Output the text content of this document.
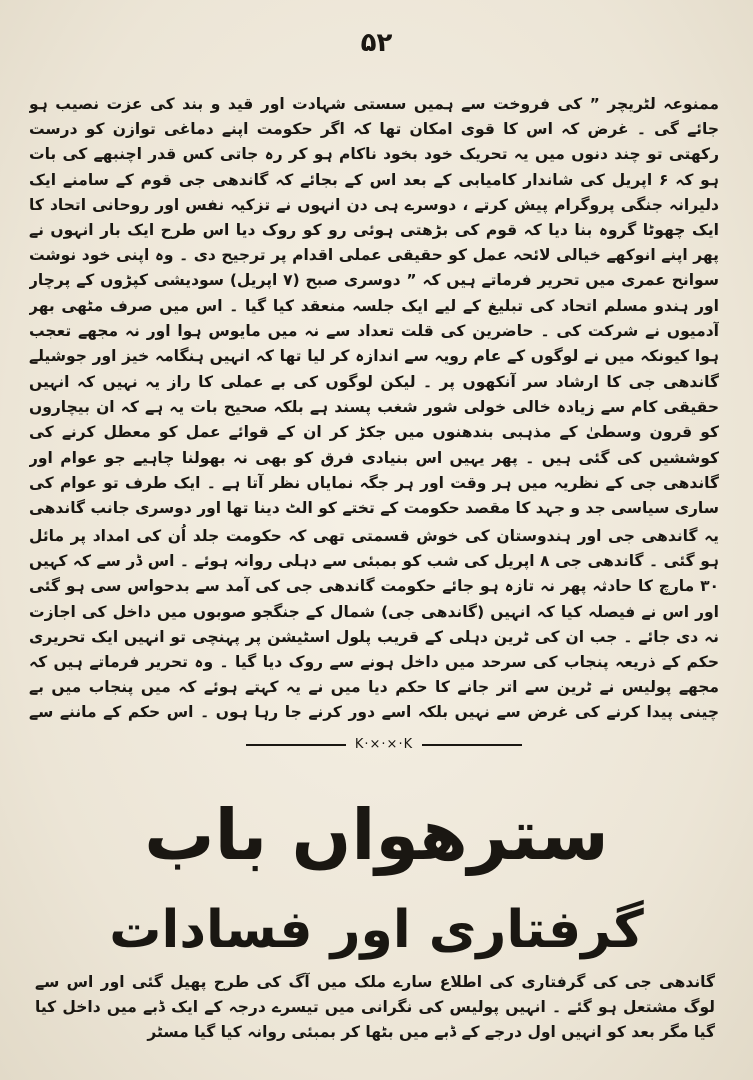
۵۲

ممنوعہ لٹریچر ” کی فروخت سے ہمیں سستی شہادت اور قید و بند کی عزت نصیب ہو جائے گی ۔ غرض کہ اس کا قوی امکان تھا کہ اگر حکومت اپنے دماغی توازن کو درست رکھتی تو چند دنوں میں یہ تحریک خود بخود ناکام ہو کر رہ جاتی کس قدر اچنبھے کی بات ہو کہ ۶ اپریل کی شاندار کامیابی کے بعد اس کے بجائے کہ گاندھی جی قوم کے سامنے ایک دلیرانہ جنگی پروگرام پیش کرتے ، دوسرے ہی دن انہوں نے تزکیہ نفس اور روحانی اتحاد کا ایک چھوٹا گروہ بنا دیا کہ قوم کی بڑھتی ہوئی رو کو روک دیا اس طرح ایک بار انہوں نے پھر اپنے انوکھے خیالی لائحہ عمل کو حقیقی عملی اقدام پر ترجیح دی ۔ وہ اپنی خود نوشت سوانح عمری میں تحریر فرماتے ہیں کہ ” دوسری صبح (۷ اپریل) سودیشی کپڑوں کے پرچار اور ہندو مسلم اتحاد کی تبلیغ کے لیے ایک جلسہ منعقد کیا گیا ۔ اس میں صرف مٹھی بھر آدمیوں نے شرکت کی ۔ حاضرین کی قلت تعداد سے نہ میں مایوس ہوا اور نہ مجھے تعجب ہوا کیونکہ میں نے لوگوں کے عام رویہ سے اندازہ کر لیا تھا کہ انہیں ہنگامہ خیز اور جوشیلے

گاندھی جی کا ارشاد سر آنکھوں پر ۔ لیکن لوگوں کی بے عملی کا راز یہ نہیں کہ انہیں حقیقی کام سے زیادہ خالی خولی شور شغب پسند ہے بلکہ صحیح بات یہ ہے کہ ان بیچاروں کو قرون وسطیٰ کے مذہبی بندھنوں میں جکڑ کر ان کے قوائے عمل کو معطل کرنے کی کوششیں کی گئی ہیں ۔ پھر یہیں اس بنیادی فرق کو بھی نہ بھولنا چاہیے جو عوام اور گاندھی جی کے نظریہ میں ہر وقت اور ہر جگہ نمایاں نظر آتا ہے ۔ ایک طرف تو عوام کی ساری سیاسی جد و جہد کا مقصد حکومت کے تختے کو الٹ دینا تھا اور دوسری جانب گاندھی

یہ گاندھی جی اور ہندوستان کی خوش قسمتی تھی کہ حکومت جلد اُن کی امداد پر مائل ہو گئی ۔ گاندھی جی ۸ اپریل کی شب کو بمبئی سے دہلی روانہ ہوئے ۔ اس ڈر سے کہ کہیں ۳۰ مارچ کا حادثہ پھر نہ تازہ ہو جائے حکومت گاندھی جی کی آمد سے بدحواس سی ہو گئی اور اس نے فیصلہ کیا کہ انہیں (گاندھی جی) شمال کے جنگجو صوبوں میں داخل کی اجازت نہ دی جائے ۔ جب ان کی ٹرین دہلی کے قریب پلول اسٹیشن پر پہنچی تو انہیں ایک تحریری حکم کے ذریعہ پنجاب کی سرحد میں داخل ہونے سے روک دیا گیا ۔ وہ تحریر فرماتے ہیں کہ مجھے پولیس نے ٹرین سے اتر جانے کا حکم دیا میں نے یہ کہتے ہوئے کہ میں پنجاب میں بے چینی پیدا کرنے کی غرض سے نہیں بلکہ اسے دور کرنے جا رہا ہوں ۔ اس حکم کے ماننے سے

K·×·×·K
سترھواں باب
گرفتاری اور فسادات

گاندھی جی کی گرفتاری کی اطلاع سارے ملک میں آگ کی طرح پھیل گئی اور اس سے لوگ مشتعل ہو گئے ۔ انہیں پولیس کی نگرانی میں تیسرے درجہ کے ایک ڈبے میں داخل کیا گیا مگر بعد کو انہیں اول درجے کے ڈبے میں بٹھا کر بمبئی روانہ کیا گیا مسٹر
